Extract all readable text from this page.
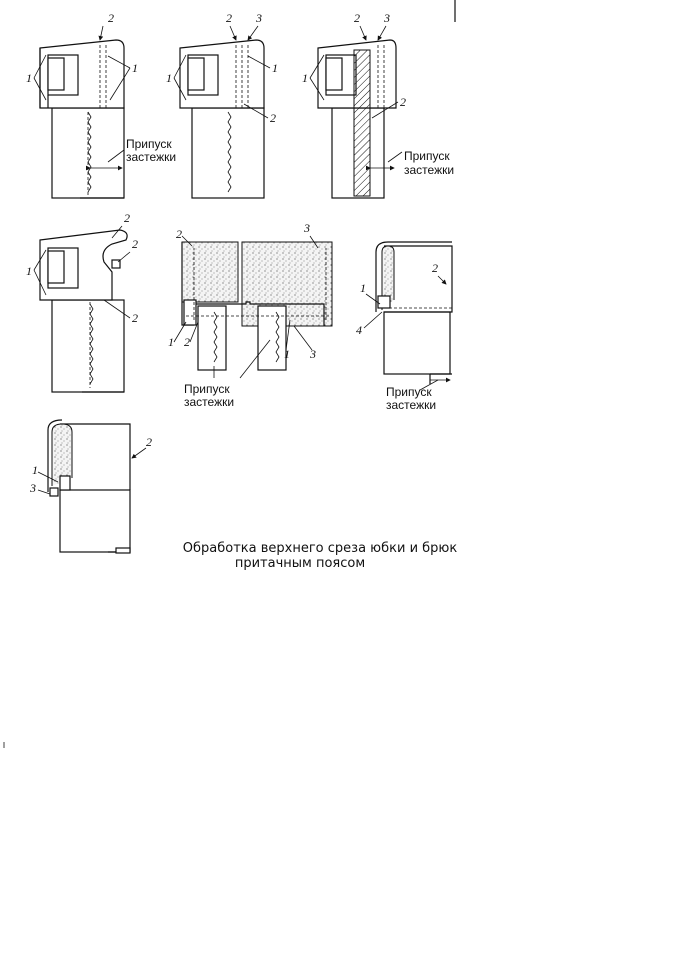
2
1
1
Припуск
застежки
2 3
1
1
2
2 3
1
2
Припуск
застежки
2
2
1
2
2	3
1 2
1 3
Припуск
застежки
2
1
4
Припуск
застежки
2
1
3
Обработка верхнего среза юбки и брюк
притачным поясом
